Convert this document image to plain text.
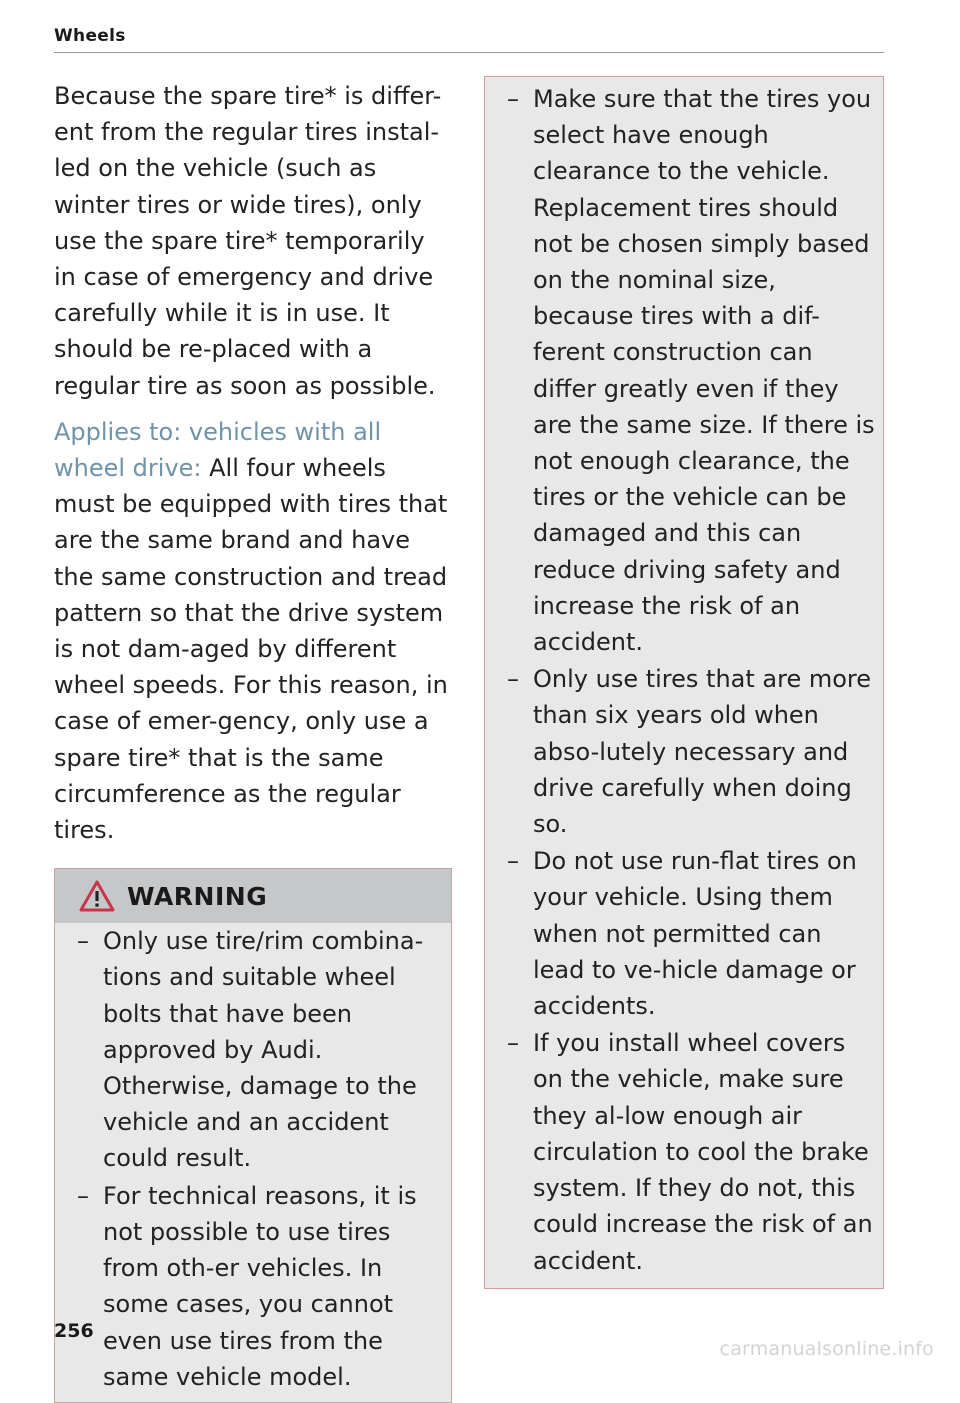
Wheels

Because the spare tire* is differ-ent from the regular tires instal-led on the vehicle (such as winter tires or wide tires), only use the spare tire* temporarily in case of emergency and drive carefully while it is in use. It should be re-placed with a regular tire as soon as possible.

Applies to: vehicles with all wheel drive: All four wheels must be equipped with tires that are the same brand and have the same construction and tread pattern so that the drive system is not dam-aged by different wheel speeds. For this reason, in case of emer-gency, only use a spare tire* that is the same circumference as the regular tires.

WARNING
– Only use tire/rim combina-tions and suitable wheel bolts that have been approved by Audi. Otherwise, damage to the vehicle and an accident could result.
– For technical reasons, it is not possible to use tires from oth-er vehicles. In some cases, you cannot even use tires from the same vehicle model.
– Make sure that the tires you select have enough clearance to the vehicle. Replacement tires should not be chosen simply based on the nominal size, because tires with a dif-ferent construction can differ greatly even if they are the same size. If there is not enough clearance, the tires or the vehicle can be damaged and this can reduce driving safety and increase the risk of an accident.
– Only use tires that are more than six years old when abso-lutely necessary and drive carefully when doing so.
– Do not use run-flat tires on your vehicle. Using them when not permitted can lead to ve-hicle damage or accidents.
– If you install wheel covers on the vehicle, make sure they al-low enough air circulation to cool the brake system. If they do not, this could increase the risk of an accident.
256
carmanualsonline.info
